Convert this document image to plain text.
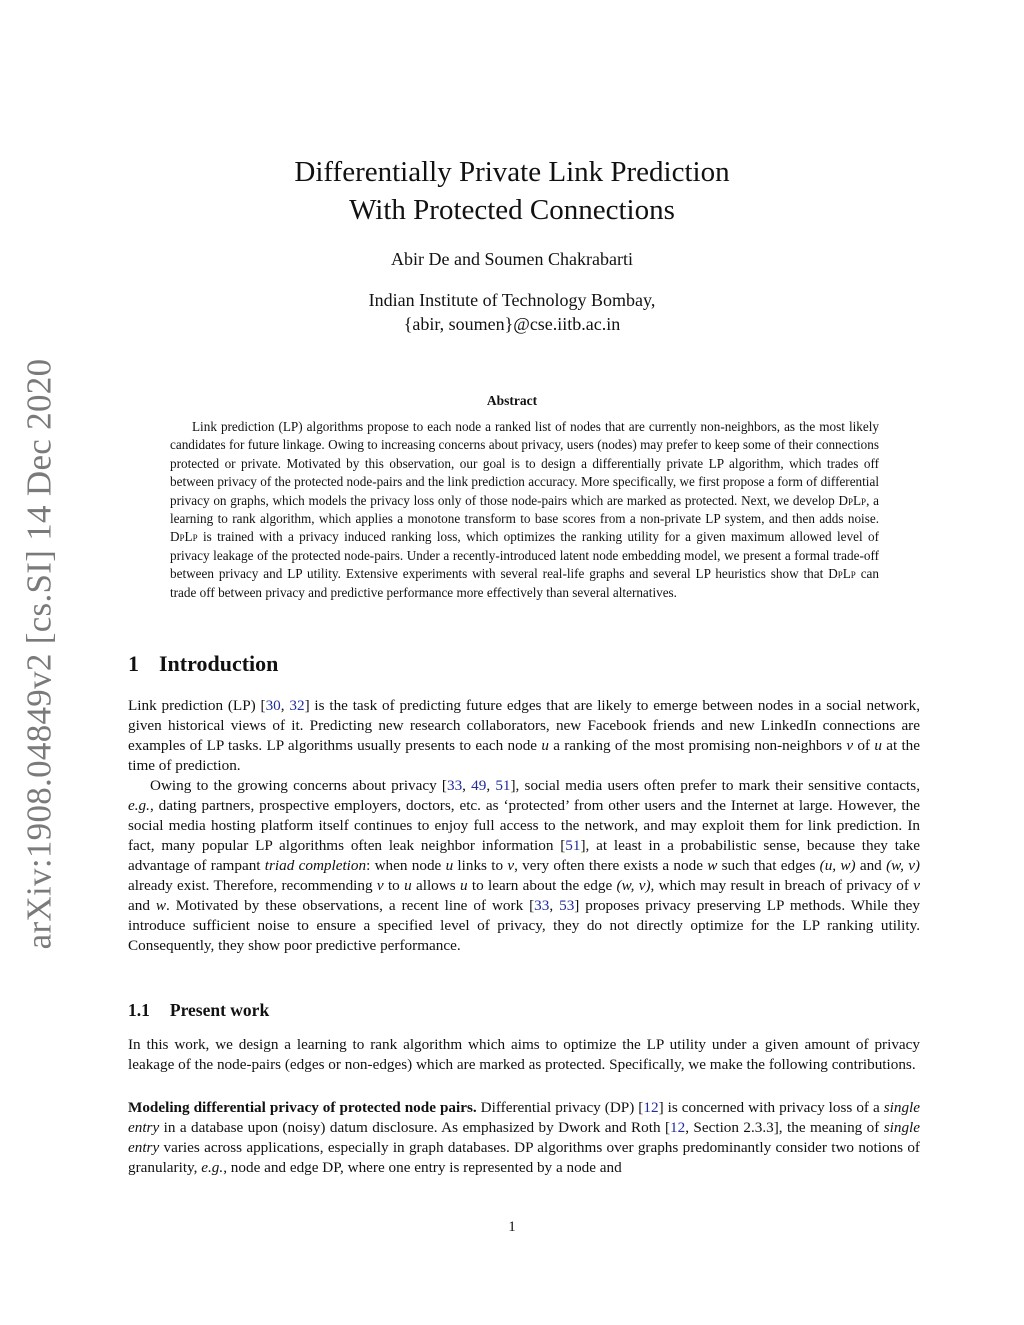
arXiv:1908.04849v2 [cs.SI] 14 Dec 2020
Differentially Private Link Prediction
With Protected Connections
Abir De and Soumen Chakrabarti
Indian Institute of Technology Bombay,
{abir, soumen}@cse.iitb.ac.in
Abstract

Link prediction (LP) algorithms propose to each node a ranked list of nodes that are currently non-neighbors, as the most likely candidates for future linkage. Owing to increasing concerns about privacy, users (nodes) may prefer to keep some of their connections protected or private. Motivated by this observation, our goal is to design a differentially private LP algorithm, which trades off between privacy of the protected node-pairs and the link prediction accuracy. More specifically, we first propose a form of differential privacy on graphs, which models the privacy loss only of those node-pairs which are marked as protected. Next, we develop DpLp, a learning to rank algorithm, which applies a monotone transform to base scores from a non-private LP system, and then adds noise. DpLp is trained with a privacy induced ranking loss, which optimizes the ranking utility for a given maximum allowed level of privacy leakage of the protected node-pairs. Under a recently-introduced latent node embedding model, we present a formal trade-off between privacy and LP utility. Extensive experiments with several real-life graphs and several LP heuristics show that DpLp can trade off between privacy and predictive performance more effectively than several alternatives.

1 Introduction

Link prediction (LP) [30, 32] is the task of predicting future edges that are likely to emerge between nodes in a social network, given historical views of it. Predicting new research collaborators, new Facebook friends and new LinkedIn connections are examples of LP tasks. LP algorithms usually presents to each node u a ranking of the most promising non-neighbors v of u at the time of prediction.

Owing to the growing concerns about privacy [33, 49, 51], social media users often prefer to mark their sensitive contacts, e.g., dating partners, prospective employers, doctors, etc. as ‘protected’ from other users and the Internet at large. However, the social media hosting platform itself continues to enjoy full access to the network, and may exploit them for link prediction. In fact, many popular LP algorithms often leak neighbor information [51], at least in a probabilistic sense, because they take advantage of rampant triad completion: when node u links to v, very often there exists a node w such that edges (u, w) and (w, v) already exist. Therefore, recommending v to u allows u to learn about the edge (w, v), which may result in breach of privacy of v and w. Motivated by these observations, a recent line of work [33, 53] proposes privacy preserving LP methods. While they introduce sufficient noise to ensure a specified level of privacy, they do not directly optimize for the LP ranking utility. Consequently, they show poor predictive performance.

1.1 Present work

In this work, we design a learning to rank algorithm which aims to optimize the LP utility under a given amount of privacy leakage of the node-pairs (edges or non-edges) which are marked as protected. Specifically, we make the following contributions.

Modeling differential privacy of protected node pairs. Differential privacy (DP) [12] is concerned with privacy loss of a single entry in a database upon (noisy) datum disclosure. As emphasized by Dwork and Roth [12, Section 2.3.3], the meaning of single entry varies across applications, especially in graph databases. DP algorithms over graphs predominantly consider two notions of granularity, e.g., node and edge DP, where one entry is represented by a node and

1
